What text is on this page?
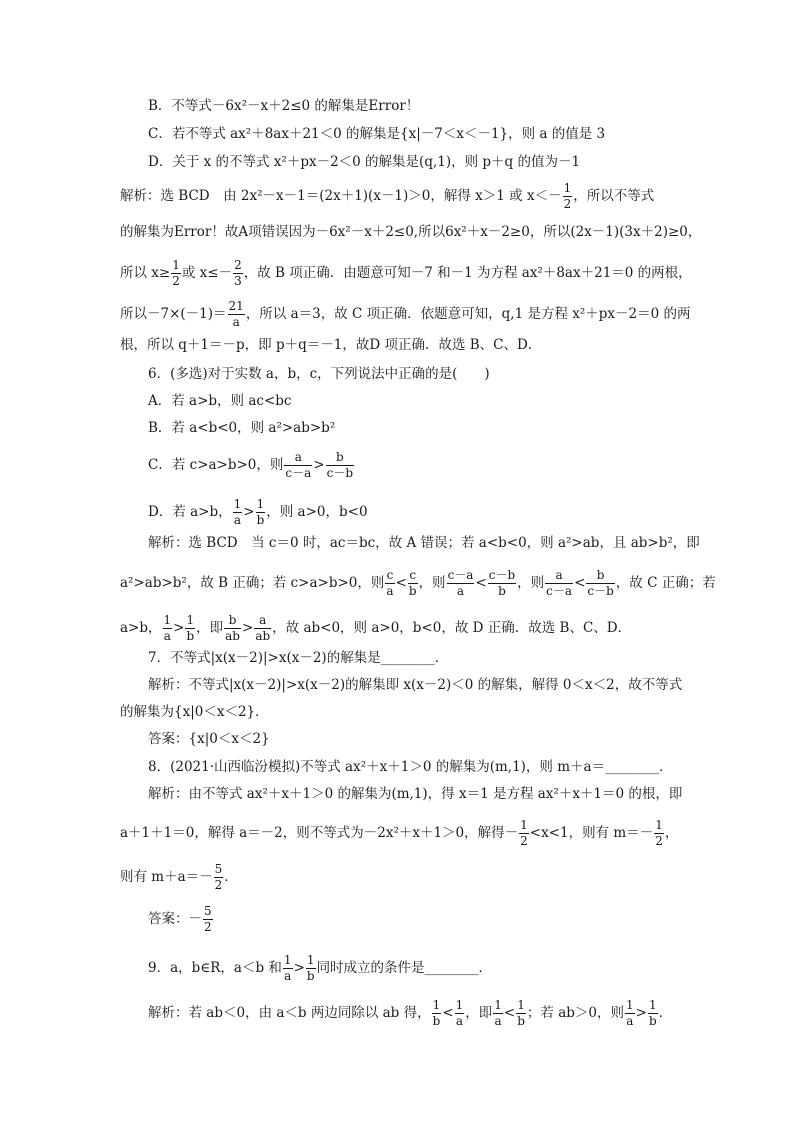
B．不等式－6x²－x＋2≤0 的解集是Error！
C．若不等式 ax²＋8ax＋21＜0 的解集是{x|－7＜x＜－1}，则 a 的值是 3
D．关于 x 的不等式 x²＋px－2＜0 的解集是(q,1)，则 p＋q 的值为－1
解析：选 BCD　由 2x²－x－1＝(2x＋1)(x－1)＞0，解得 x＞1 或 $x<- \frac{1}{2}$ ，所以不等式
的解集为Error！故A项错误因为－6x²－x＋2≤0,所以6x²＋x－2≥0，所以(2x－1)(3x＋2)≥0，
所以 $x\ge \frac{1}{2}$ 或 $x\le- \frac{2}{3}$ ，故 B 项正确．由题意可知－7 和－1 为方程 ax²＋8ax＋21＝0 的两根，
所以$-7\times(-1)= \frac{21}{a}$ ，所以 a＝3，故 C 项正确．依题意可知，q,1 是方程 x²＋px－2＝0 的两
根，所以 q＋1＝－p，即 p＋q＝－1，故D 项正确．故选 B、C、D．
6．(多选)对于实数 a，b，c，下列说法中正确的是(　　)
A．若 a>b，则 ac<bc
B．若 a<b<0，则 a²>ab>b²
C．若 c>a>b>0，则 $\frac{a}{c-a} > \frac{b}{c-b}$
D．若 a>b， $\frac{1}{a} > \frac{1}{b}$ ，则 a>0，b<0
解析：选 BCD　当 c＝0 时，ac＝bc，故 A 错误；若 a<b<0，则 a²>ab，且 ab>b²，即
a²>ab>b²，故 B 正确；若 c>a>b>0，则 $\frac{c}{a} < \frac{c}{b}$ ，则 $\frac{c-a}{a} < \frac{c-b}{b}$ ，则 $\frac{a}{c-a} < \frac{b}{c-b}$ ，故 C 正确；若
a>b， $\frac{1}{a} > \frac{1}{b}$ ，即 $\frac{b}{ab} > \frac{a}{ab}$ ，故 ab<0，则 a>0，b<0，故 D 正确．故选 B、C、D．
7．不等式|x(x－2)|>x(x－2)的解集是________．
解析：不等式|x(x－2)|>x(x－2)的解集即 x(x－2)＜0 的解集，解得 0＜x＜2，故不等式
的解集为{x|0＜x＜2}．
答案：{x|0＜x＜2}
8．(2021·山西临汾模拟)不等式 ax²＋x＋1＞0 的解集为(m,1)，则 m＋a＝________．
解析：由不等式 ax²＋x＋1＞0 的解集为(m,1)，得 x＝1 是方程 ax²＋x＋1＝0 的根，即
a＋1＋1＝0，解得 a＝－2，则不等式为－2x²＋x＋1＞0，解得－ $\frac{1}{2} <x<1$，则有 $m=- \frac{1}{2}$ ，
则有 $m+a=- \frac{5}{2}$ ．
答案：－ $\frac{5}{2}$
9．a，b∈R，a＜b 和 $\frac{1}{a} > \frac{1}{b}$ 同时成立的条件是________．
解析：若 ab＜0，由 a＜b 两边同除以 ab 得， $\frac{1}{b} < \frac{1}{a}$ ，即 $\frac{1}{a} < \frac{1}{b}$ ；若 ab＞0，则 $\frac{1}{a} > \frac{1}{b}$ ．
